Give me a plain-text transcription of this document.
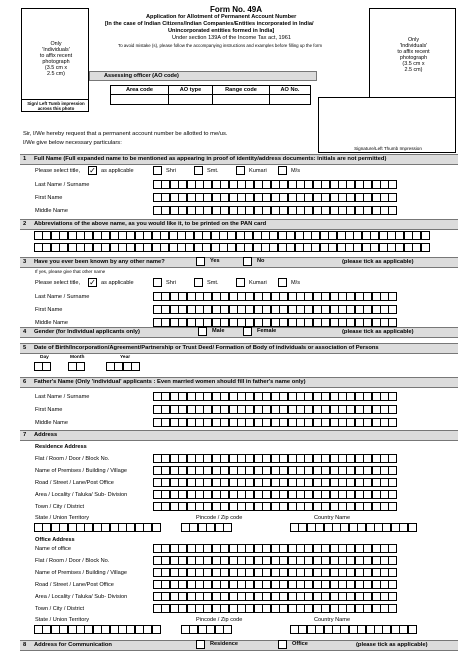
Form No. 49A
Application for Allotment of Permanent Account Number
[In the case of Indian Citizens/Indian Companies/Entities incorporated in India/
Unincorporated entities formed in India]
Under section 139A of the Income Tax act, 1961
To avoid mistake (s), please follow the accompanying instructions and examples before filling up the form
Only
'Individuals'
to affix recent
photograph
(3.5 cm x
2.5 cm)
Sign/ Left Tumb impression
across this photo
Only
'Individuals'
to affix recent
photograph
(3.5 cm x
2.5 cm)
Signature/Left Thumb Impression
Assessing officer (AO code)
Area code	AO type	Range code	AO No.

Sir, I/We hereby request that a permanent account number be allotted to me/us.
I/We give below necessary particulars:
1 Full Name (Full expanded name to be mentioned as appearing in proof of identity/address documents: initials are not permitted)
Please select title, ✓ as applicable	Shri	Smt.	Kumari	M/s
Last Name / Surname
First Name
Middle Name
2 Abbreviations of the above name, as you would like it, to be printed on the PAN card
3 Have you ever been known by any other name?	(please tick as applicable)
Yes	No
If yes, please give that other name
Please select title, ✓ as applicable	Shri	Smt.	Kumari	M/s
Last Name / Surname
First Name
Middle Name
4 Gender (for Individual applicants only)	(please tick as applicable)
Male	Female
5 Date of Birth/Incorporation/Agreement/Partnership or Trust Deed/ Formation of Body of individuals or association of Persons
Day	Month	Year
6 Father's Name (Only 'individual' applicants : Even married women should fill in father's name only)
Last Name / Surname
First Name
Middle Name
7 Address
Residence Address
Flat / Room / Door / Block No.
Name of Premises / Building / Village
Road / Street / Lane/Post Office
Area / Locality / Taluka/ Sub- Division
Town / City / District
State / Union Territory	Pincode / Zip code	Country Name
Office Address
Name of office
Flat / Room / Door / Block No.
Name of Premises / Building / Village
Road / Street / Lane/Post Office
Area / Locality / Taluka/ Sub- Division
Town / City / District
State / Union Territory	Pincode / Zip code	Country Name
8 Address for Communication	(please tick as applicable)
Residence	Office
